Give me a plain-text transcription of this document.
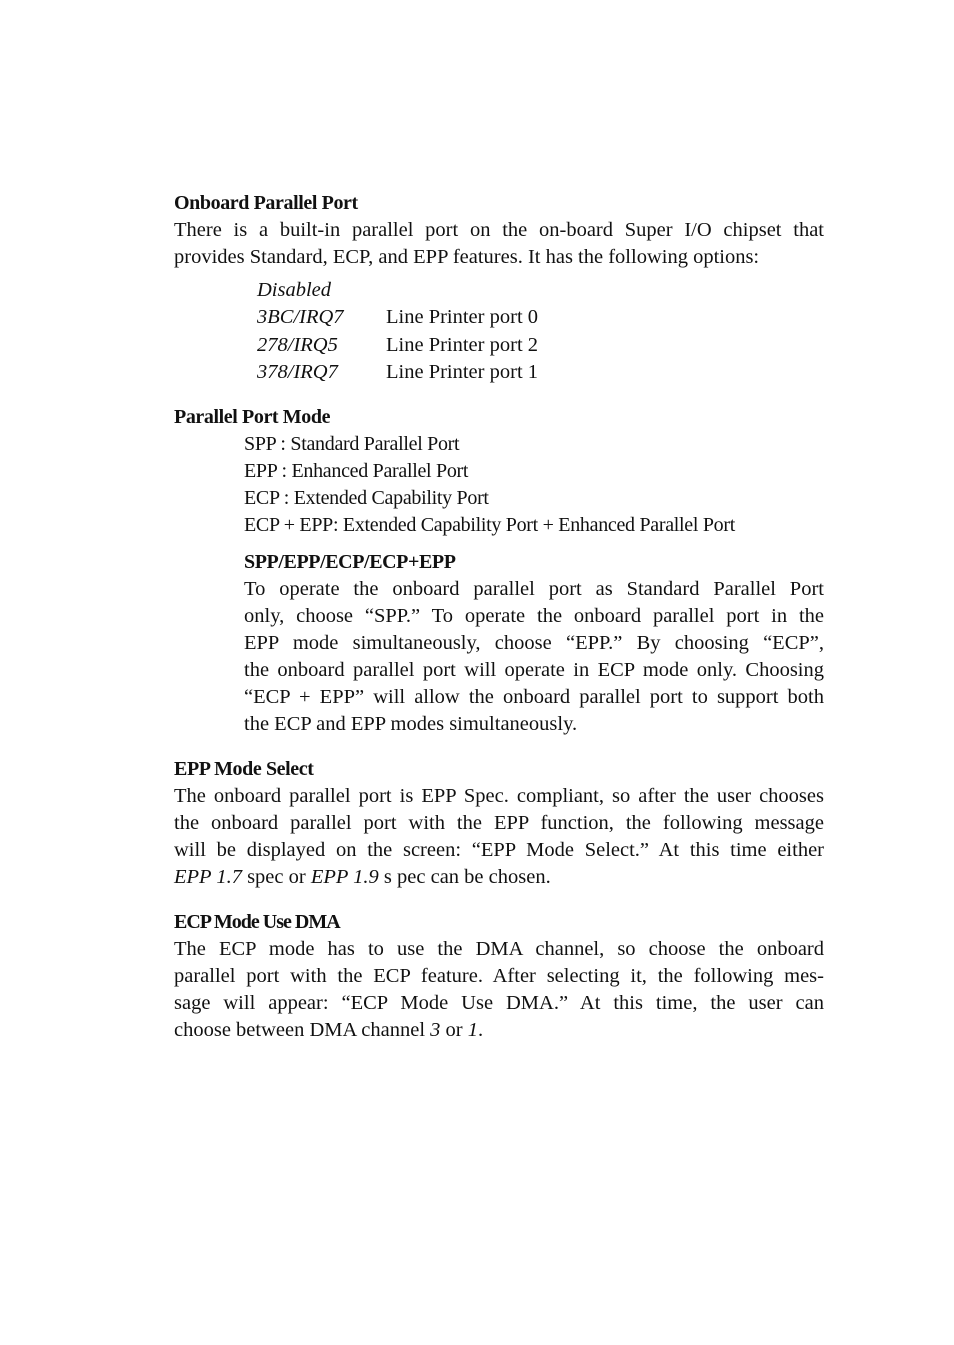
Onboard Parallel Port

There is a built-in parallel port on the on-board Super I/O chipset that
provides Standard, ECP, and EPP features. It has the following options:

Disabled
3BC/IRQ7	Line Printer port 0
278/IRQ5	Line Printer port 2
378/IRQ7	Line Printer port 1

Parallel Port Mode

SPP : Standard Parallel Port
EPP : Enhanced Parallel Port
ECP : Extended Capability Port
ECP + EPP: Extended Capability Port + Enhanced Parallel Port

SPP/EPP/ECP/ECP+EPP

To operate the onboard parallel port as Standard Parallel Port
only, choose “SPP.” To operate the onboard parallel port in the
EPP mode simultaneously, choose “EPP.” By choosing “ECP”,
the onboard parallel port will operate in ECP mode only. Choosing
“ECP + EPP” will allow the onboard parallel port to support both
the ECP and EPP modes simultaneously.

EPP Mode Select

The onboard parallel port is EPP Spec. compliant, so after the user chooses
the onboard parallel port with the EPP function, the following message
will be displayed on the screen: “EPP Mode Select.” At this time either
EPP 1.7 spec or EPP 1.9 s pec can be chosen.

ECP Mode Use DMA

The ECP mode has to use the DMA channel, so choose the onboard
parallel port with the ECP feature. After selecting it, the following mes-
sage will appear: “ECP Mode Use DMA.” At this time, the user can
choose between DMA channel 3 or 1.
